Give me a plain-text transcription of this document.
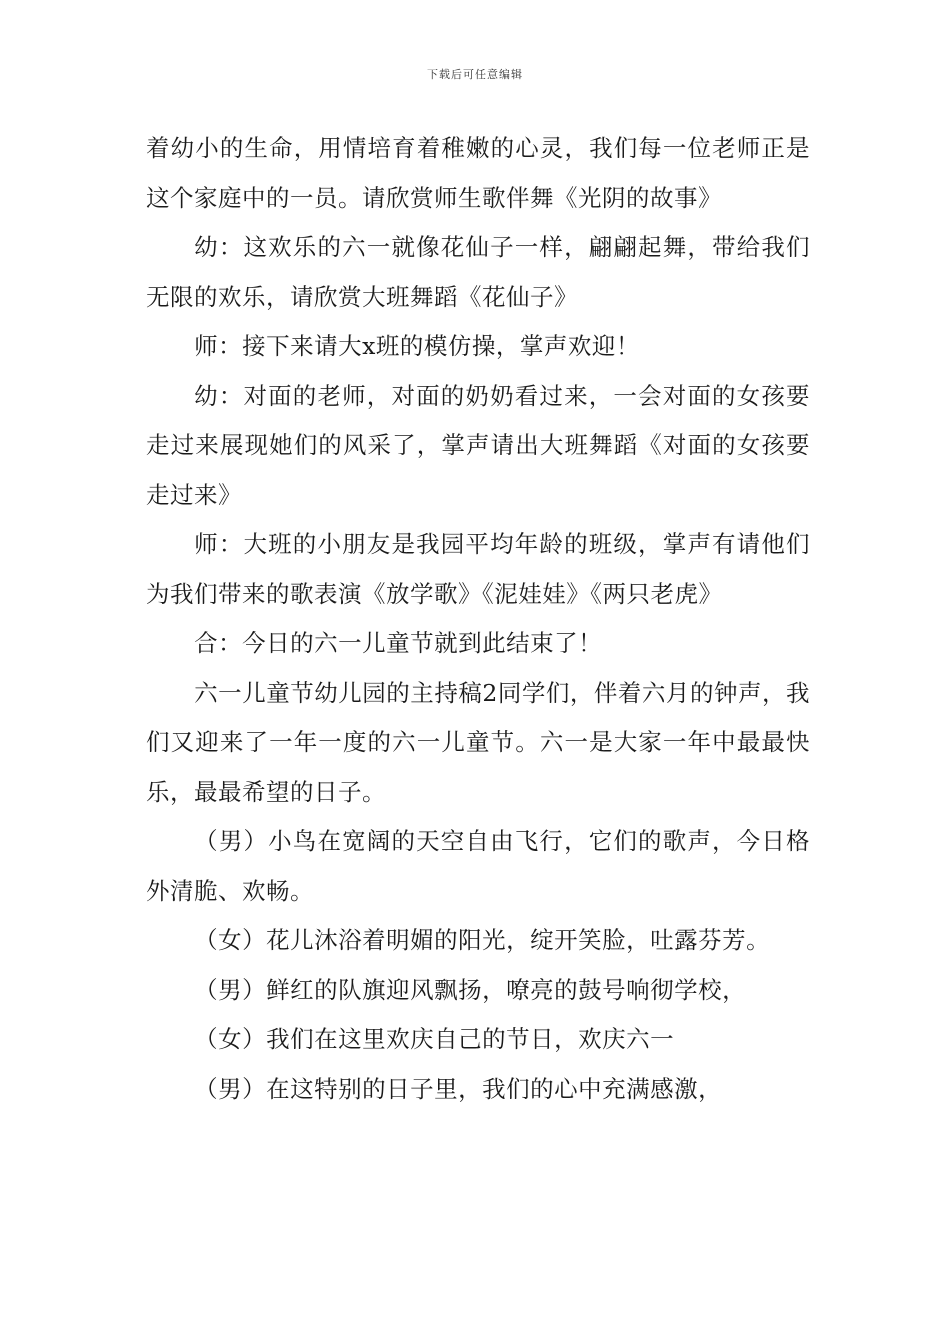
下载后可任意编辑

着幼小的生命，用情培育着稚嫩的心灵，我们每一位老师正是这个家庭中的一员。请欣赏师生歌伴舞《光阴的故事》

幼：这欢乐的六一就像花仙子一样，翩翩起舞，带给我们无限的欢乐，请欣赏大班舞蹈《花仙子》

师：接下来请大x班的模仿操，掌声欢迎！

幼：对面的老师，对面的奶奶看过来，一会对面的女孩要走过来展现她们的风采了，掌声请出大班舞蹈《对面的女孩要走过来》

师：大班的小朋友是我园平均年龄的班级，掌声有请他们为我们带来的歌表演《放学歌》《泥娃娃》《两只老虎》

合：今日的六一儿童节就到此结束了！

六一儿童节幼儿园的主持稿2同学们，伴着六月的钟声，我们又迎来了一年一度的六一儿童节。六一是大家一年中最最快乐，最最希望的日子。

（男）小鸟在宽阔的天空自由飞行，它们的歌声，今日格外清脆、欢畅。

（女）花儿沐浴着明媚的阳光，绽开笑脸，吐露芬芳。

（男）鲜红的队旗迎风飘扬，嘹亮的鼓号响彻学校，

（女）我们在这里欢庆自己的节日，欢庆六一

（男）在这特别的日子里，我们的心中充满感激，
